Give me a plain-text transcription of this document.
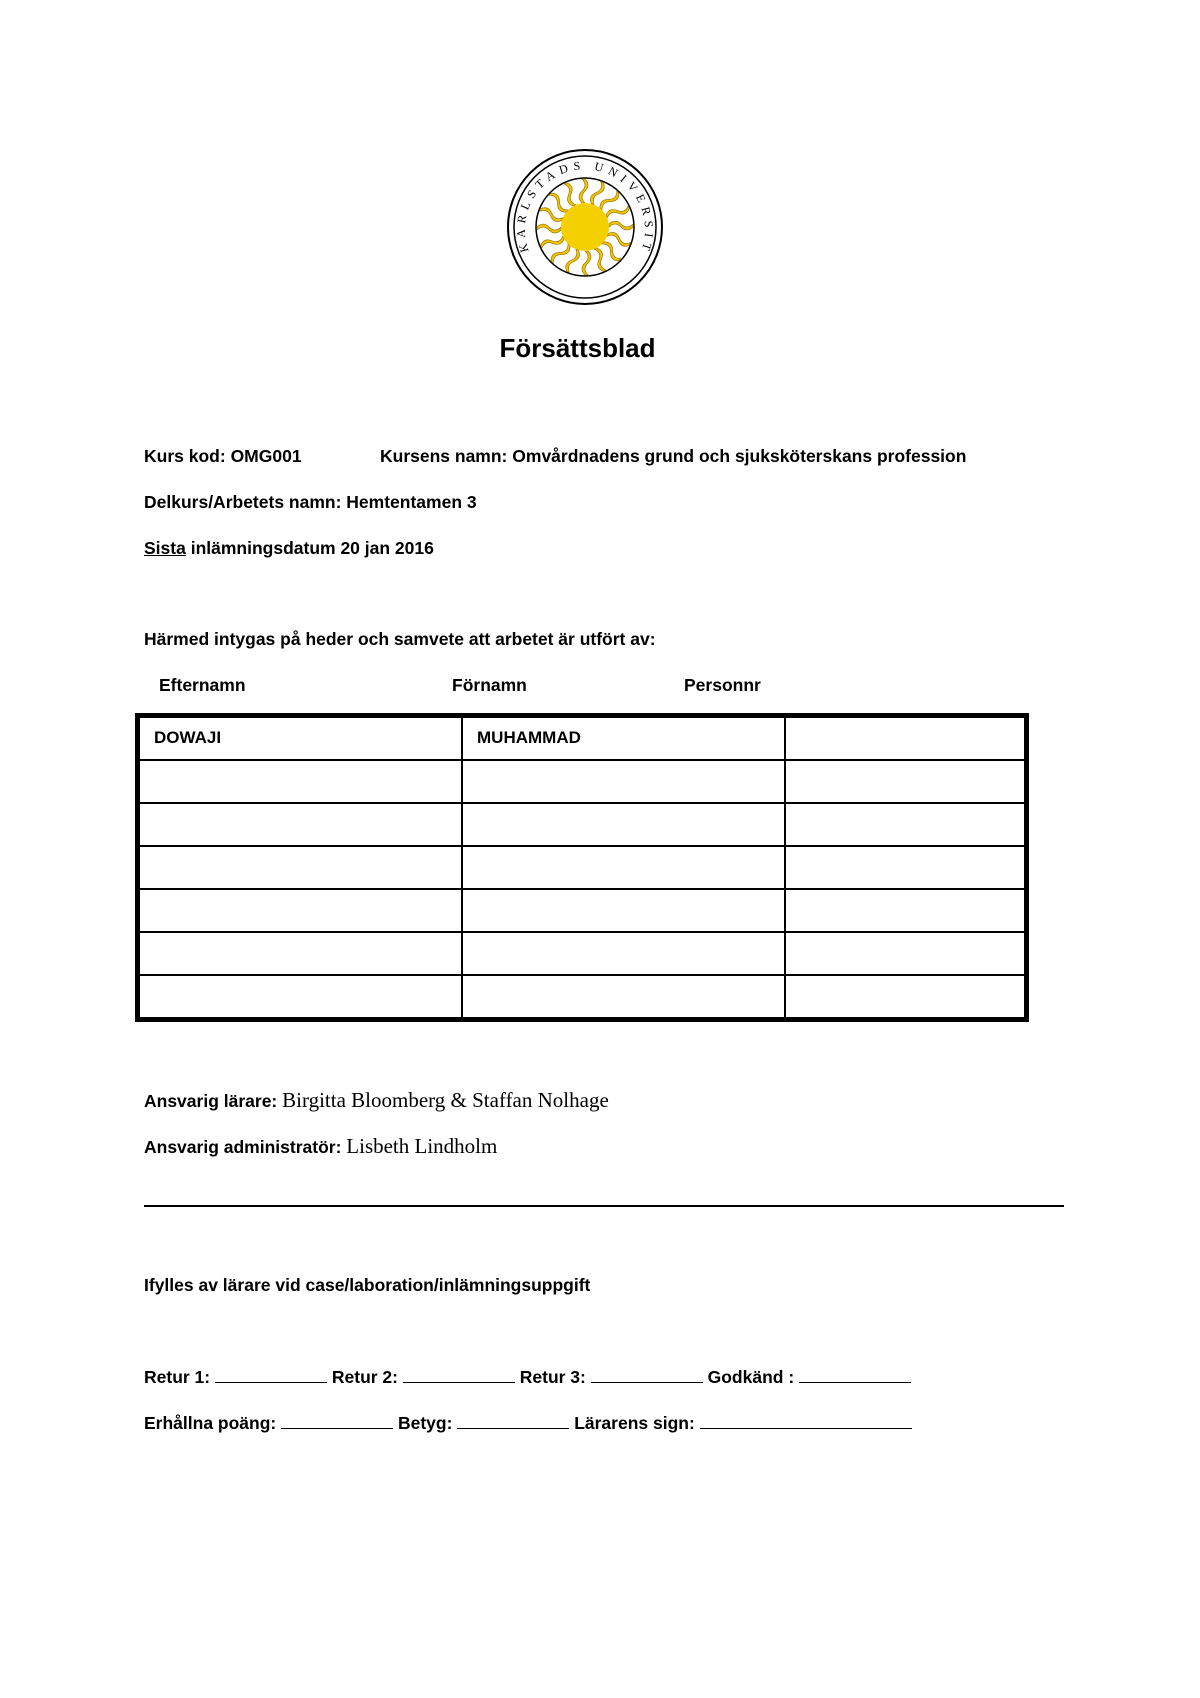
KARLSTADS UNIVERSIT
Försättsblad
Kurs kod: OMG001	Kursens namn: Omvårdnadens grund och sjuksköterskans profession
Delkurs/Arbetets namn: Hemtentamen 3
Sista inlämningsdatum 20 jan 2016
Härmed intygas på heder och samvete att arbetet är utfört av:
Efternamn	Förnamn	Personnr
DOWAJI	MUHAMMAD	

Ansvarig lärare: Birgitta Bloomberg & Staffan Nolhage
Ansvarig administratör: Lisbeth Lindholm
Ifylles av lärare vid case/laboration/inlämningsuppgift
Retur 1:	Retur 2:	Retur 3:	Godkänd :
Erhållna poäng:	Betyg:	Lärarens sign:
